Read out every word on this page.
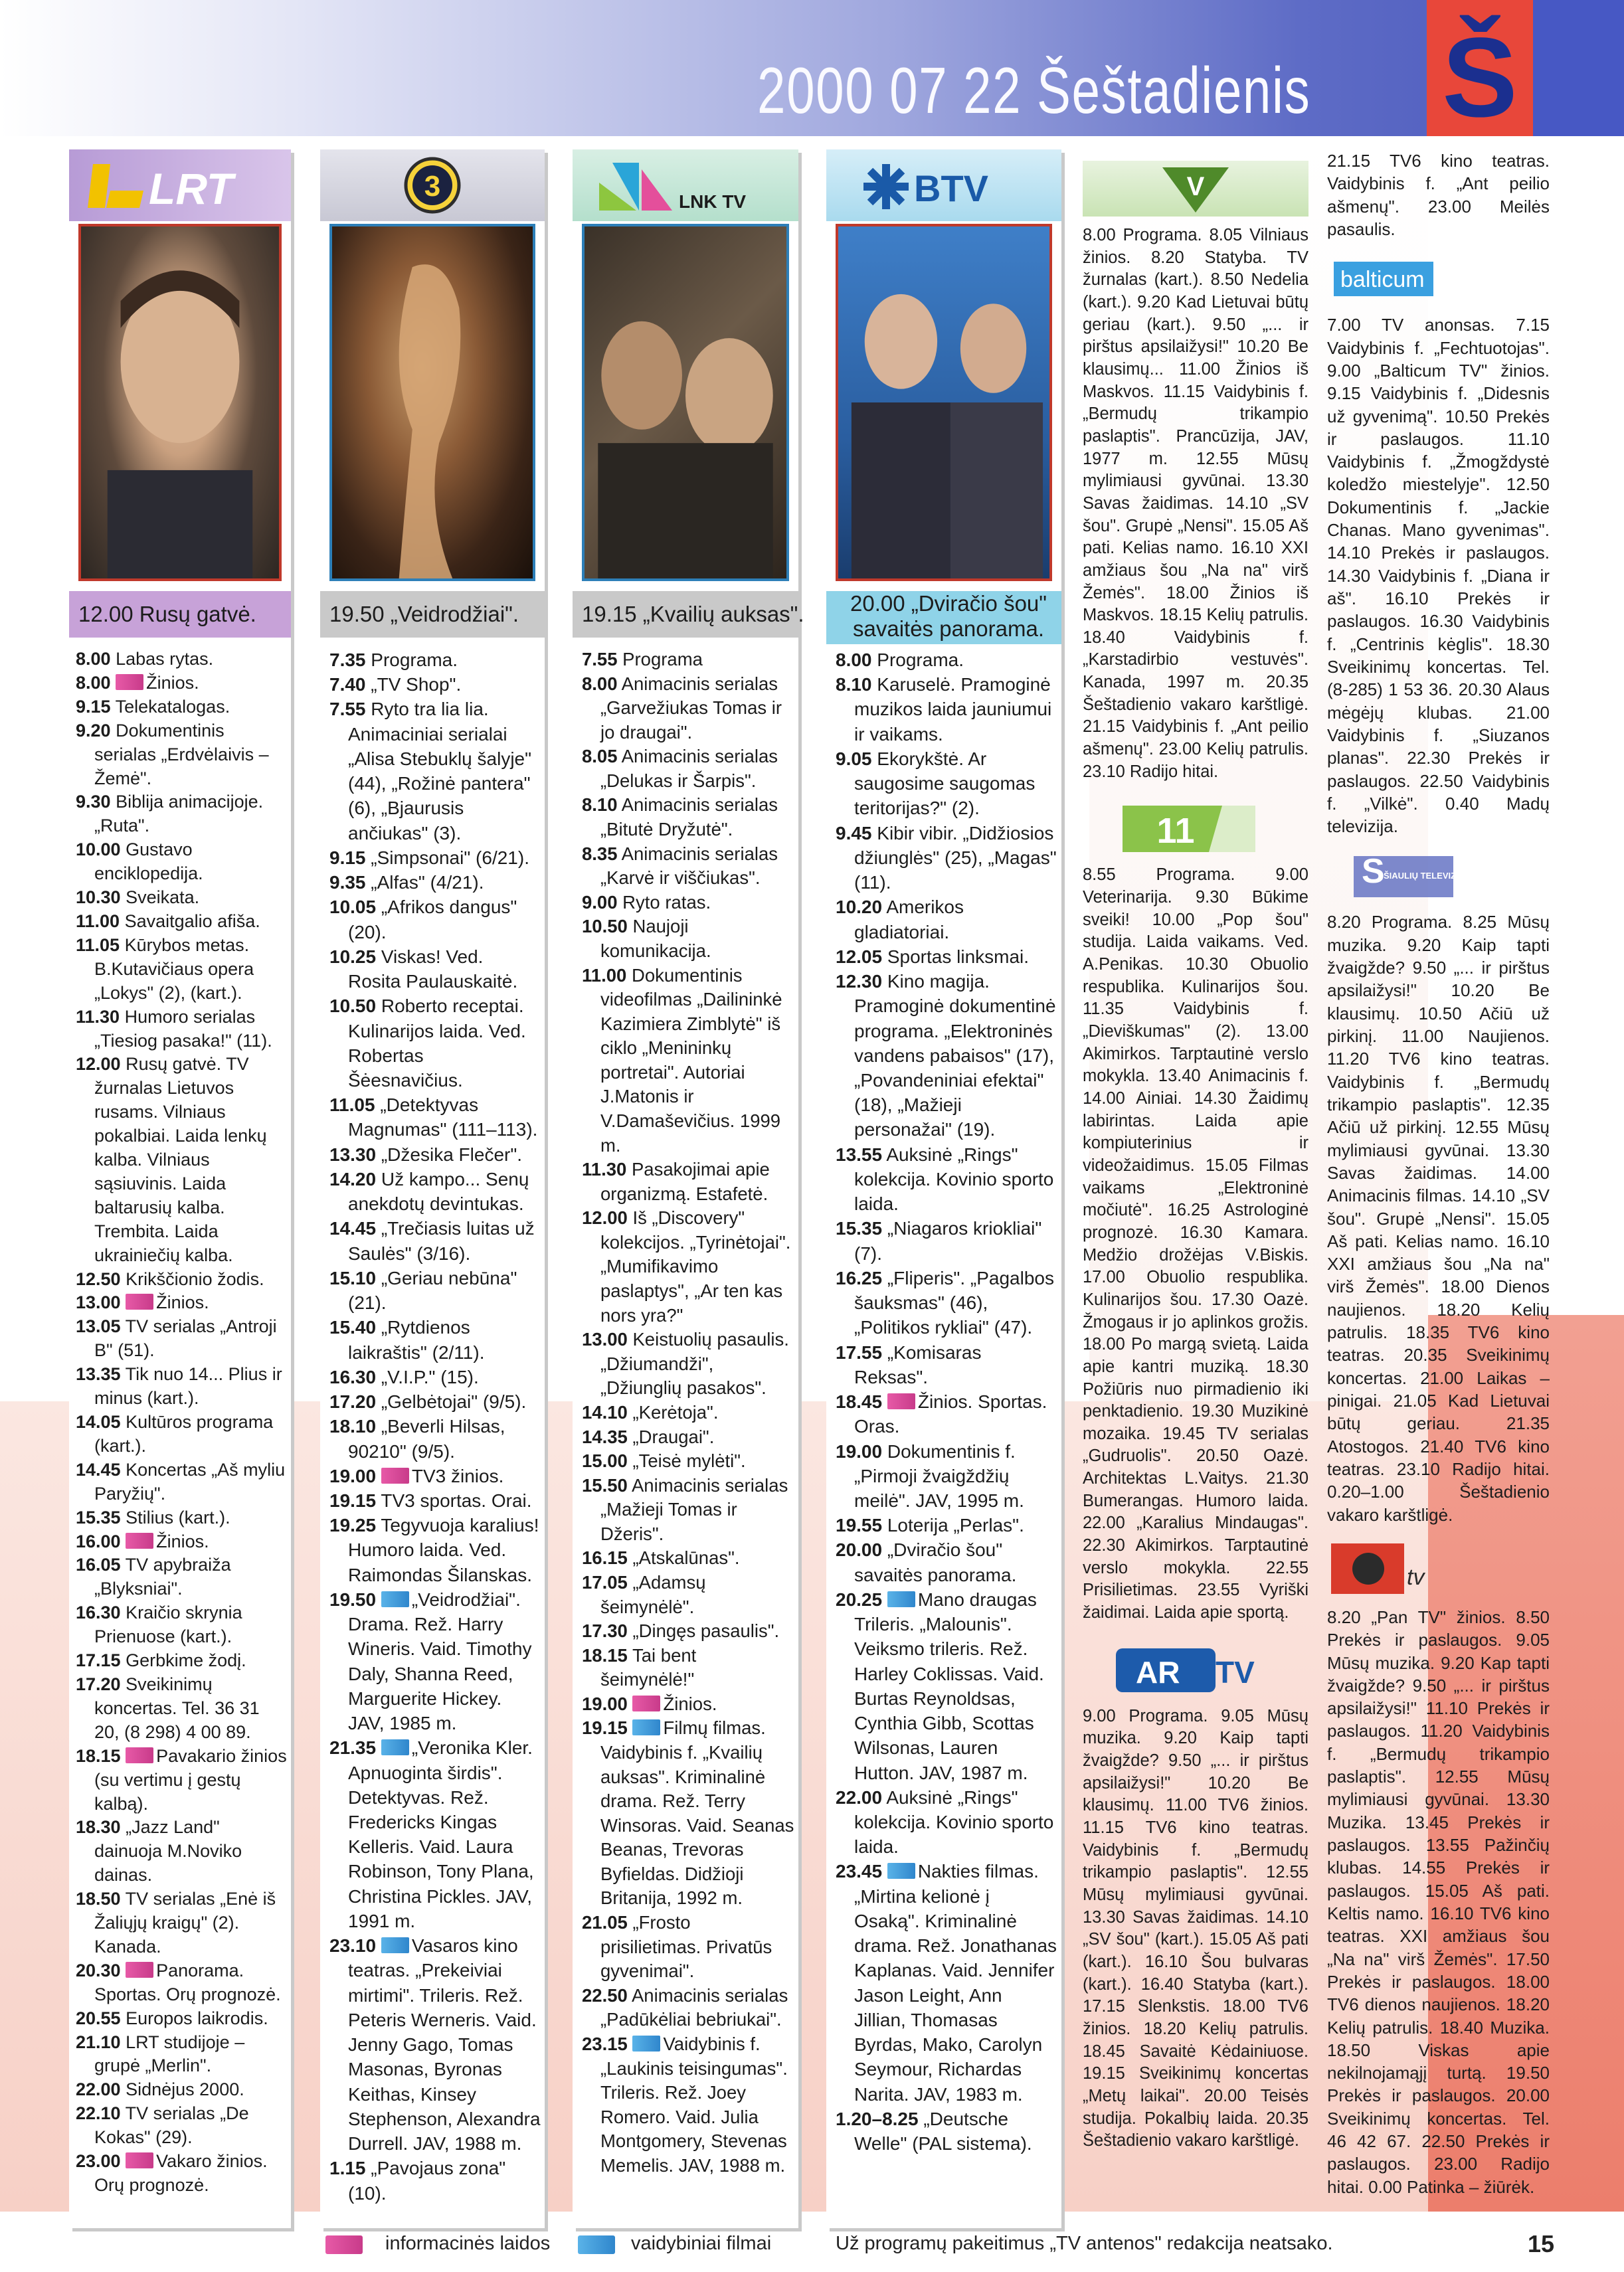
2000 07 22 Šeštadienis Š
LRT
12.00 Rusų gatvė.
8.00 Labas rytas.
8.00 Žinios.
9.15 Telekatalogas.
9.20 Dokumentinis serialas „Erdvėlaivis – Žemė".
9.30 Biblija animacijoje. „Ruta".
10.00 Gustavo enciklopedija.
10.30 Sveikata.
11.00 Savaitgalio afiša.
11.05 Kūrybos metas. B.Kutavičiaus opera „Lokys" (2), (kart.).
11.30 Humoro serialas „Tiesiog pasaka!" (11).
12.00 Rusų gatvė. TV žurnalas Lietuvos rusams. Vilniaus pokalbiai. Laida lenkų kalba. Vilniaus sąsiuvinis. Laida baltarusių kalba. Trembita. Laida ukrainiečių kalba.
12.50 Krikščionio žodis.
13.00 Žinios.
13.05 TV serialas „Antroji B" (51).
13.35 Tik nuo 14... Plius ir minus (kart.).
14.05 Kultūros programa (kart.).
14.45 Koncertas „Aš myliu Paryžių".
15.35 Stilius (kart.).
16.00 Žinios.
16.05 TV apybraiža „Blyksniai".
16.30 Kraičio skrynia Prienuose (kart.).
17.15 Gerbkime žodį.
17.20 Sveikinimų koncertas. Tel. 36 31 20, (8 298) 4 00 89.
18.15 Pavakario žinios (su vertimu į gestų kalbą).
18.30 „Jazz Land" dainuoja M.Noviko dainas.
18.50 TV serialas „Enė iš Žaliųjų kraigų" (2). Kanada.
20.30 Panorama. Sportas. Orų prognozė.
20.55 Europos laikrodis.
21.10 LRT studijoje – grupė „Merlin".
22.00 Sidnėjus 2000.
22.10 TV serialas „De Kokas" (29).
23.00 Vakaro žinios. Orų prognozė.
3
19.50 „Veidrodžiai".
7.35 Programa.
7.40 „TV Shop".
7.55 Ryto tra lia lia. Animaciniai serialai „Alisa Stebuklų šalyje" (44), „Rožinė pantera" (6), „Bjaurusis ančiukas" (3).
9.15 „Simpsonai" (6/21).
9.35 „Alfas" (4/21).
10.05 „Afrikos dangus" (20).
10.25 Viskas! Ved. Rosita Paulauskaitė.
10.50 Roberto receptai. Kulinarijos laida. Ved. Robertas Šėesnavičius.
11.05 „Detektyvas Magnumas" (111–113).
13.30 „Džesika Flečer".
14.20 Už kampo... Senų anekdotų devintukas.
14.45 „Trečiasis luitas už Saulės" (3/16).
15.10 „Geriau nebūna" (21).
15.40 „Rytdienos laikraštis" (2/11).
16.30 „V.I.P." (15).
17.20 „Gelbėtojai" (9/5).
18.10 „Beverli Hilsas, 90210" (9/5).
19.00 TV3 žinios.
19.15 TV3 sportas. Orai.
19.25 Tegyvuoja karalius! Humoro laida. Ved. Raimondas Šilanskas.
19.50 „Veidrodžiai". Drama. Rež. Harry Wineris. Vaid. Timothy Daly, Shanna Reed, Marguerite Hickey. JAV, 1985 m.
21.35 „Veronika Kler. Apnuoginta širdis". Detektyvas. Rež. Fredericks Kingas Kelleris. Vaid. Laura Robinson, Tony Plana, Christina Pickles. JAV, 1991 m.
23.10 Vasaros kino teatras. „Prekeiviai mirtimi". Trileris. Rež. Peteris Werneris. Vaid. Jenny Gago, Tomas Masonas, Byronas Keithas, Kinsey Stephenson, Alexandra Durrell. JAV, 1988 m.
1.15 „Pavojaus zona" (10).
LNK TV
19.15 „Kvailių auksas".
7.55 Programa
8.00 Animacinis serialas „Garvežiukas Tomas ir jo draugai".
8.05 Animacinis serialas „Delukas ir Šarpis".
8.10 Animacinis serialas „Bitutė Dryžutė".
8.35 Animacinis serialas „Karvė ir viščiukas".
9.00 Ryto ratas.
10.50 Naujoji komunikacija.
11.00 Dokumentinis videofilmas „Dailininkė Kazimiera Zimblytė" iš ciklo „Menininkų portretai". Autoriai J.Matonis ir V.Damaševičius. 1999 m.
11.30 Pasakojimai apie organizmą. Estafetė.
12.00 Iš „Discovery" kolekcijos. „Tyrinėtojai". „Mumifikavimo paslaptys", „Ar ten kas nors yra?"
13.00 Keistuolių pasaulis. „Džiumandži", „Džiunglių pasakos".
14.10 „Kerėtoja".
14.35 „Draugai".
15.00 „Teisė mylėti".
15.50 Animacinis serialas „Mažieji Tomas ir Džeris".
16.15 „Atskalūnas".
17.05 „Adamsų šeimynėlė".
17.30 „Dingęs pasaulis".
18.15 Tai bent šeimynėlė!"
19.00 Žinios.
19.15 Filmų filmas. Vaidybinis f. „Kvailių auksas". Kriminalinė drama. Rež. Terry Winsoras. Vaid. Seanas Beanas, Trevoras Byfieldas. Didžioji Britanija, 1992 m.
21.05 „Frosto prisilietimas. Privatūs gyvenimai".
22.50 Animacinis serialas „Padūkėliai bebriukai".
23.15 Vaidybinis f. „Laukinis teisingumas". Trileris. Rež. Joey Romero. Vaid. Julia Montgomery, Stevenas Memelis. JAV, 1988 m.
BTV
20.00 „Dviračio šou" savaitės panorama.
8.00 Programa.
8.10 Karuselė. Pramoginė muzikos laida jauniumui ir vaikams.
9.05 Ekorykštė. Ar saugosime saugomas teritorijas?" (2).
9.45 Kibir vibir. „Didžiosios džiunglės" (25), „Magas" (11).
10.20 Amerikos gladiatoriai.
12.05 Sportas linksmai.
12.30 Kino magija. Pramoginė dokumentinė programa. „Elektroninės vandens pabaisos" (17), „Povandeniniai efektai" (18), „Mažieji personažai" (19).
13.55 Auksinė „Rings" kolekcija. Kovinio sporto laida.
15.35 „Niagaros kriokliai" (7).
16.25 „Fliperis". „Pagalbos šauksmas" (46), „Politikos rykliai" (47).
17.55 „Komisaras Reksas".
18.45 Žinios. Sportas. Oras.
19.00 Dokumentinis f. „Pirmoji žvaigždžių meilė". JAV, 1995 m.
19.55 Loterija „Perlas".
20.00 „Dviračio šou" savaitės panorama.
20.25 Mano draugas Trileris. „Malounis". Veiksmo trileris. Rež. Harley Coklissas. Vaid. Burtas Reynoldsas, Cynthia Gibb, Scottas Wilsonas, Lauren Hutton. JAV, 1987 m.
22.00 Auksinė „Rings" kolekcija. Kovinio sporto laida.
23.45 Nakties filmas. „Mirtina kelionė į Osaką". Kriminalinė drama. Rež. Jonathanas Kaplanas. Vaid. Jennifer Jason Leight, Ann Jillian, Thomasas Byrdas, Mako, Carolyn Seymour, Richardas Narita. JAV, 1983 m.
1.20–8.25 „Deutsche Welle" (PAL sistema).
V

8.00 Programa. 8.05 Vilniaus žinios. 8.20 Statyba. TV žurnalas (kart.). 8.50 Nedelia (kart.). 9.20 Kad Lietuvai būtų geriau (kart.). 9.50 „... ir pirštus apsilaižysi!" 10.20 Be klausimų... 11.00 Žinios iš Maskvos. 11.15 Vaidybinis f. „Bermudų trikampio paslaptis". Prancūzija, JAV, 1977 m. 12.55 Mūsų mylimiausi gyvūnai. 13.30 Savas žaidimas. 14.10 „SV šou". Grupė „Nensi". 15.05 Aš pati. Kelias namo. 16.10 XXI amžiaus šou „Na na" virš Žemės". 18.00 Žinios iš Maskvos. 18.15 Kelių patrulis. 18.40 Vaidybinis f. „Karstadirbio vestuvės". Kanada, 1997 m. 20.35 Šeštadienio vakaro karštligė. 21.15 Vaidybinis f. „Ant peilio ašmenų". 23.00 Kelių patrulis. 23.10 Radijo hitai.

11

8.55 Programa. 9.00 Veterinarija. 9.30 Būkime sveiki! 10.00 „Pop šou" studija. Laida vaikams. Ved. A.Penikas. 10.30 Obuolio respublika. Kulinarijos šou. 11.35 Vaidybinis f. „Dieviškumas" (2). 13.00 Akimirkos. Tarptautinė verslo mokykla. 13.40 Animacinis f. 14.00 Ainiai. 14.30 Žaidimų labirintas. Laida apie kompiuterinius ir videožaidimus. 15.05 Filmas vaikams „Elektroninė močiutė". 16.25 Astrologinė prognozė. 16.30 Kamara. Medžio drožėjas V.Biskis. 17.00 Obuolio respublika. Kulinarijos šou. 17.30 Oazė. Žmogaus ir jo aplinkos grožis. 18.00 Po margą svietą. Laida apie kantri muziką. 18.30 Požiūris nuo pirmadienio iki penktadienio. 19.30 Muzikinė mozaika. 19.45 TV serialas „Gudruolis". 20.50 Oazė. Architektas L.Vaitys. 21.30 Bumerangas. Humoro laida. 22.00 „Karalius Mindaugas". 22.30 Akimirkos. Tarptautinė verslo mokykla. 22.55 Prisilietimas. 23.55 Vyriški žaidimai. Laida apie sportą.

AR TV

9.00 Programa. 9.05 Mūsų muzika. 9.20 Kaip tapti žvaigžde? 9.50 „... ir pirštus apsilaižysi!" 10.20 Be klausimų. 11.00 TV6 žinios. 11.15 TV6 kino teatras. Vaidybinis f. „Bermudų trikampio paslaptis". 12.55 Mūsų mylimiausi gyvūnai. 13.30 Savas žaidimas. 14.10 „SV šou" (kart.). 15.05 Aš pati (kart.). 16.10 Šou bulvaras (kart.). 16.40 Statyba (kart.). 17.15 Slenkstis. 18.00 TV6 žinios. 18.20 Kelių patrulis. 18.45 Savaitė Kėdainiuose. 19.15 Sveikinimų koncertas „Metų laikai". 20.00 Teisės studija. Pokalbių laida. 20.35 Šeštadienio vakaro karštligė.

21.15 TV6 kino teatras. Vaidybinis f. „Ant peilio ašmenų". 23.00 Meilės pasaulis.

balticum

7.00 TV anonsas. 7.15 Vaidybinis f. „Fechtuotojas". 9.00 „Balticum TV" žinios. 9.15 Vaidybinis f. „Didesnis už gyvenimą". 10.50 Prekės ir paslaugos. 11.10 Vaidybinis f. „Žmogždystė koledžo miestelyje". 12.50 Dokumentinis f. „Jackie Chanas. Mano gyvenimas". 14.10 Prekės ir paslaugos. 14.30 Vaidybinis f. „Diana ir aš". 16.10 Prekės ir paslaugos. 16.30 Vaidybinis f. „Centrinis kėglis". 18.30 Sveikinimų koncertas. Tel. (8-285) 1 53 36. 20.30 Alaus mėgėjų klubas. 21.00 Vaidybinis f. „Siuzanos planas". 22.30 Prekės ir paslaugos. 22.50 Vaidybinis f. „Vilkė". 0.40 Madų televizija.

S
ŠIAULIŲ TELEVIZIJA

8.20 Programa. 8.25 Mūsų muzika. 9.20 Kaip tapti žvaigžde? 9.50 „... ir pirštus apsilaižysi!" 10.20 Be klausimų. 10.50 Ačiū už pirkinį. 11.00 Naujienos. 11.20 TV6 kino teatras. Vaidybinis f. „Bermudų trikampio paslaptis". 12.35 Ačiū už pirkinį. 12.55 Mūsų mylimiausi gyvūnai. 13.30 Savas žaidimas. 14.00 Animacinis filmas. 14.10 „SV šou". Grupė „Nensi". 15.05 Aš pati. Kelias namo. 16.10 XXI amžiaus šou „Na na" virš Žemės". 18.00 Dienos naujienos. 18.20 Kelių patrulis. 18.35 TV6 kino teatras. 20.35 Sveikinimų koncertas. 21.00 Laikas – pinigai. 21.05 Kad Lietuvai būtų geriau. 21.35 Atostogos. 21.40 TV6 kino teatras. 23.10 Radijo hitai. 0.20–1.00 Šeštadienio vakaro karštligė.

tv

8.20 „Pan TV" žinios. 8.50 Prekės ir paslaugos. 9.05 Mūsų muzika. 9.20 Kap tapti žvaigžde? 9.50 „... ir pirštus apsilaižysi!" 11.10 Prekės ir paslaugos. 11.20 Vaidybinis f. „Bermudų trikampio paslaptis". 12.55 Mūsų mylimiausi gyvūnai. 13.30 Muzika. 13.45 Prekės ir paslaugos. 13.55 Pažinčių klubas. 14.55 Prekės ir paslaugos. 15.05 Aš pati. Keltis namo. 16.10 TV6 kino teatras. XXI amžiaus šou „Na na" virš Žemės". 17.50 Prekės ir paslaugos. 18.00 TV6 dienos naujienos. 18.20 Kelių patrulis. 18.40 Muzika. 18.50 Viskas apie nekilnojamąjį turtą. 19.50 Prekės ir paslaugos. 20.00 Sveikinimų koncertas. Tel. 46 42 67. 22.50 Prekės ir paslaugos. 23.00 Radijo hitai. 0.00 Patinka – žiūrėk.

informacinės laidos	vaidybiniai filmai	Už programų pakeitimus „TV antenos" redakcija neatsako.	15
